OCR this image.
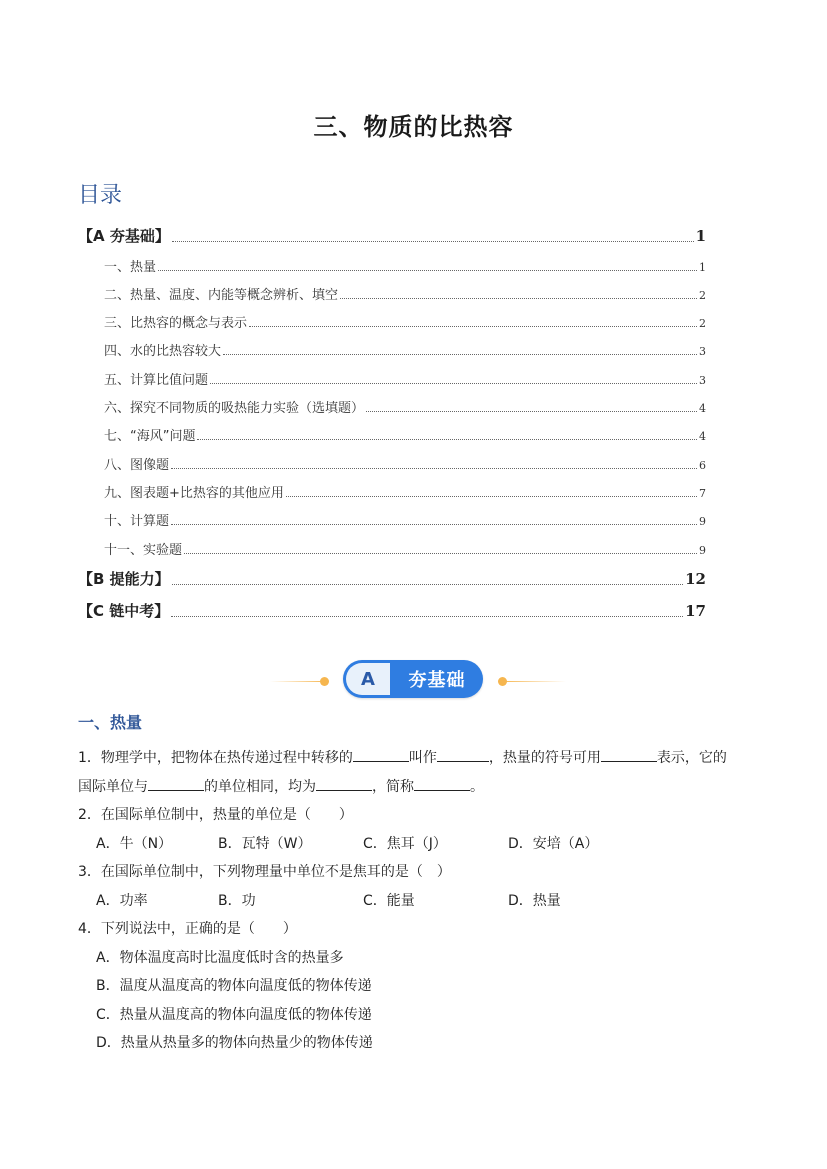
三、物质的比热容
目录
【A 夯基础】	1
一、热量	1
二、热量、温度、内能等概念辨析、填空	2
三、比热容的概念与表示	2
四、水的比热容较大	3
五、计算比值问题	3
六、探究不同物质的吸热能力实验（选填题）	4
七、“海风”问题	4
八、图像题	6
九、图表题+比热容的其他应用	7
十、计算题	9
十一、实验题	9
【B 提能力】	12
【C 链中考】	17
A	夯基础
一、热量
1．物理学中，把物体在热传递过程中转移的	叫作	，热量的符号可用	表示，它的
国际单位与	的单位相同，均为	，简称	。
2．在国际单位制中，热量的单位是（　　）
A．牛（N）	B．瓦特（W）	C．焦耳（J）	D．安培（A）
3．在国际单位制中，下列物理量中单位不是焦耳的是（　）
A．功率	B．功	C．能量	D．热量
4．下列说法中，正确的是（　　）
A．物体温度高时比温度低时含的热量多
B．温度从温度高的物体向温度低的物体传递
C．热量从温度高的物体向温度低的物体传递
D．热量从热量多的物体向热量少的物体传递
